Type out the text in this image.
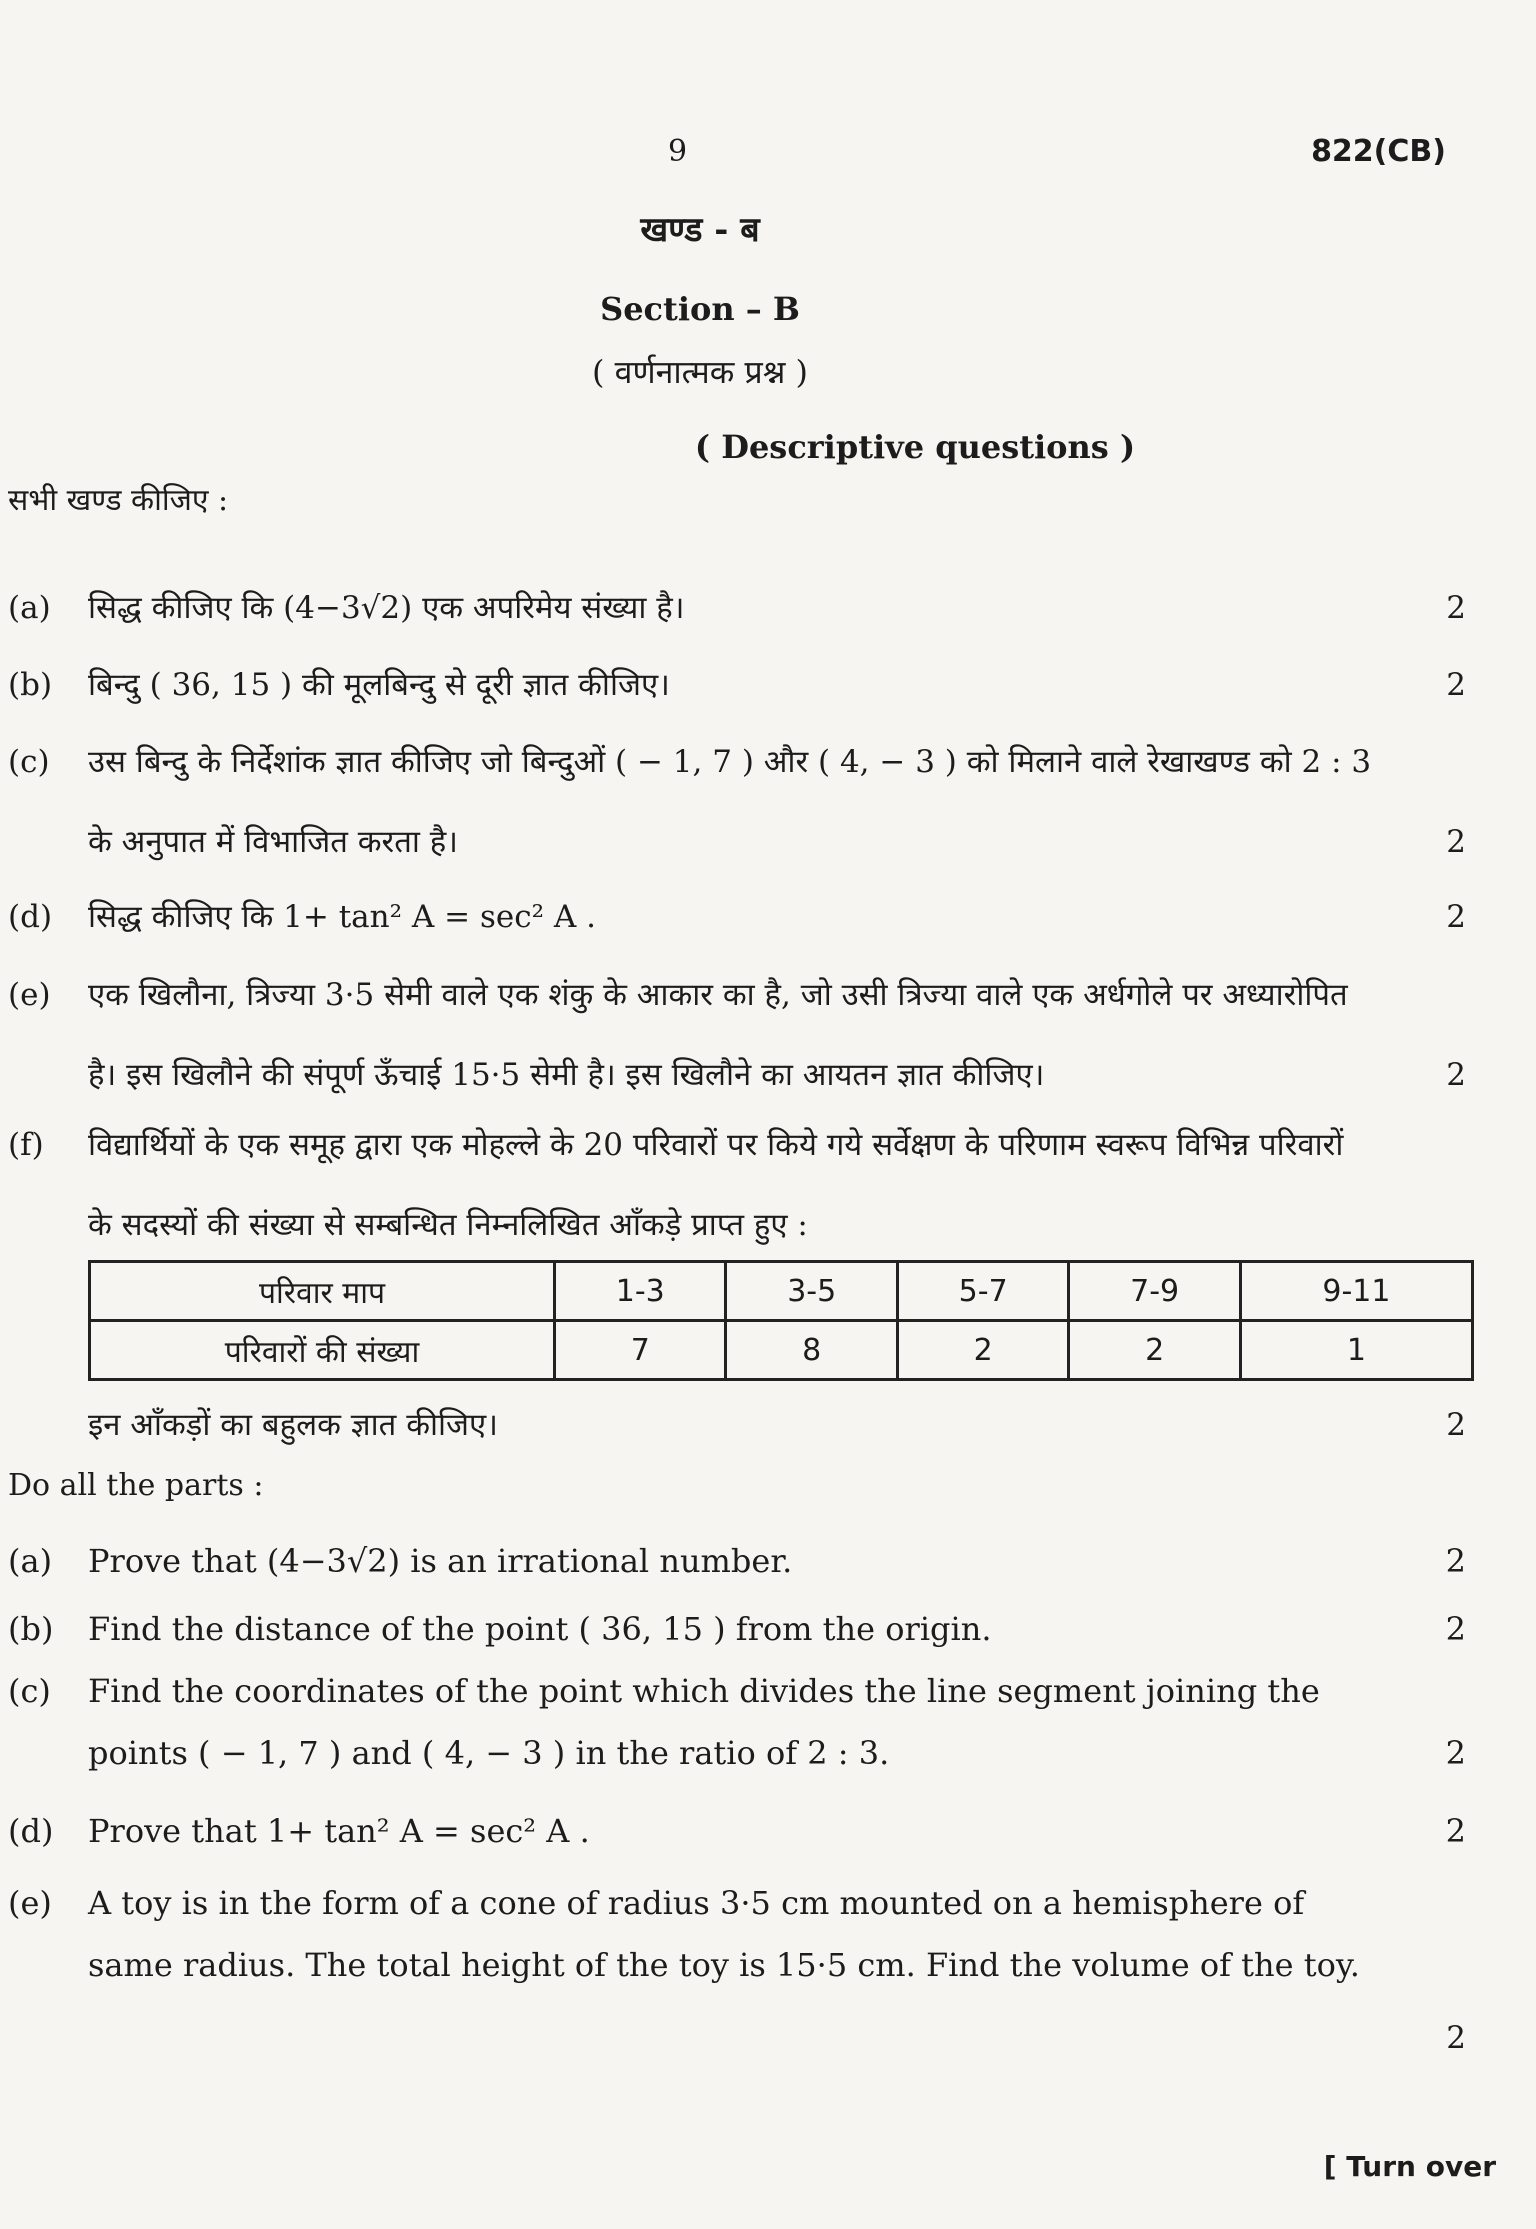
9	822(CB)
खण्ड - ब
Section – B
( वर्णनात्मक प्रश्न )
( Descriptive questions )
सभी खण्ड कीजिए :
(a)	सिद्ध कीजिए कि (4−3√2) एक अपरिमेय संख्या है।	2
(b)	बिन्दु ( 36, 15 ) की मूलबिन्दु से दूरी ज्ञात कीजिए।	2
(c)	उस बिन्दु के निर्देशांक ज्ञात कीजिए जो बिन्दुओं ( − 1, 7 ) और ( 4, − 3 ) को मिलाने वाले रेखाखण्ड को 2 : 3 के अनुपात में विभाजित करता है।	2
(d)	सिद्ध कीजिए कि 1+ tan² A = sec² A .	2
(e)	एक खिलौना, त्रिज्या 3·5 सेमी वाले एक शंकु के आकार का है, जो उसी त्रिज्या वाले एक अर्धगोले पर अध्यारोपित है। इस खिलौने की संपूर्ण ऊँचाई 15·5 सेमी है। इस खिलौने का आयतन ज्ञात कीजिए।	2
(f)	विद्यार्थियों के एक समूह द्वारा एक मोहल्ले के 20 परिवारों पर किये गये सर्वेक्षण के परिणाम स्वरूप विभिन्न परिवारों के सदस्यों की संख्या से सम्बन्धित निम्नलिखित आँकड़े प्राप्त हुए :
परिवार माप	1-3	3-5	5-7	7-9	9-11
परिवारों की संख्या	7	8	2	2	1
इन आँकड़ों का बहुलक ज्ञात कीजिए।	2
Do all the parts :
(a)	Prove that (4−3√2) is an irrational number.	2
(b)	Find the distance of the point ( 36, 15 ) from the origin.	2
(c)	Find the coordinates of the point which divides the line segment joining the points ( − 1, 7 ) and ( 4, − 3 ) in the ratio of 2 : 3.	2
(d)	Prove that 1+ tan² A = sec² A .	2
(e)	A toy is in the form of a cone of radius 3·5 cm mounted on a hemisphere of same radius. The total height of the toy is 15·5 cm. Find the volume of the toy.
2
[ Turn over
